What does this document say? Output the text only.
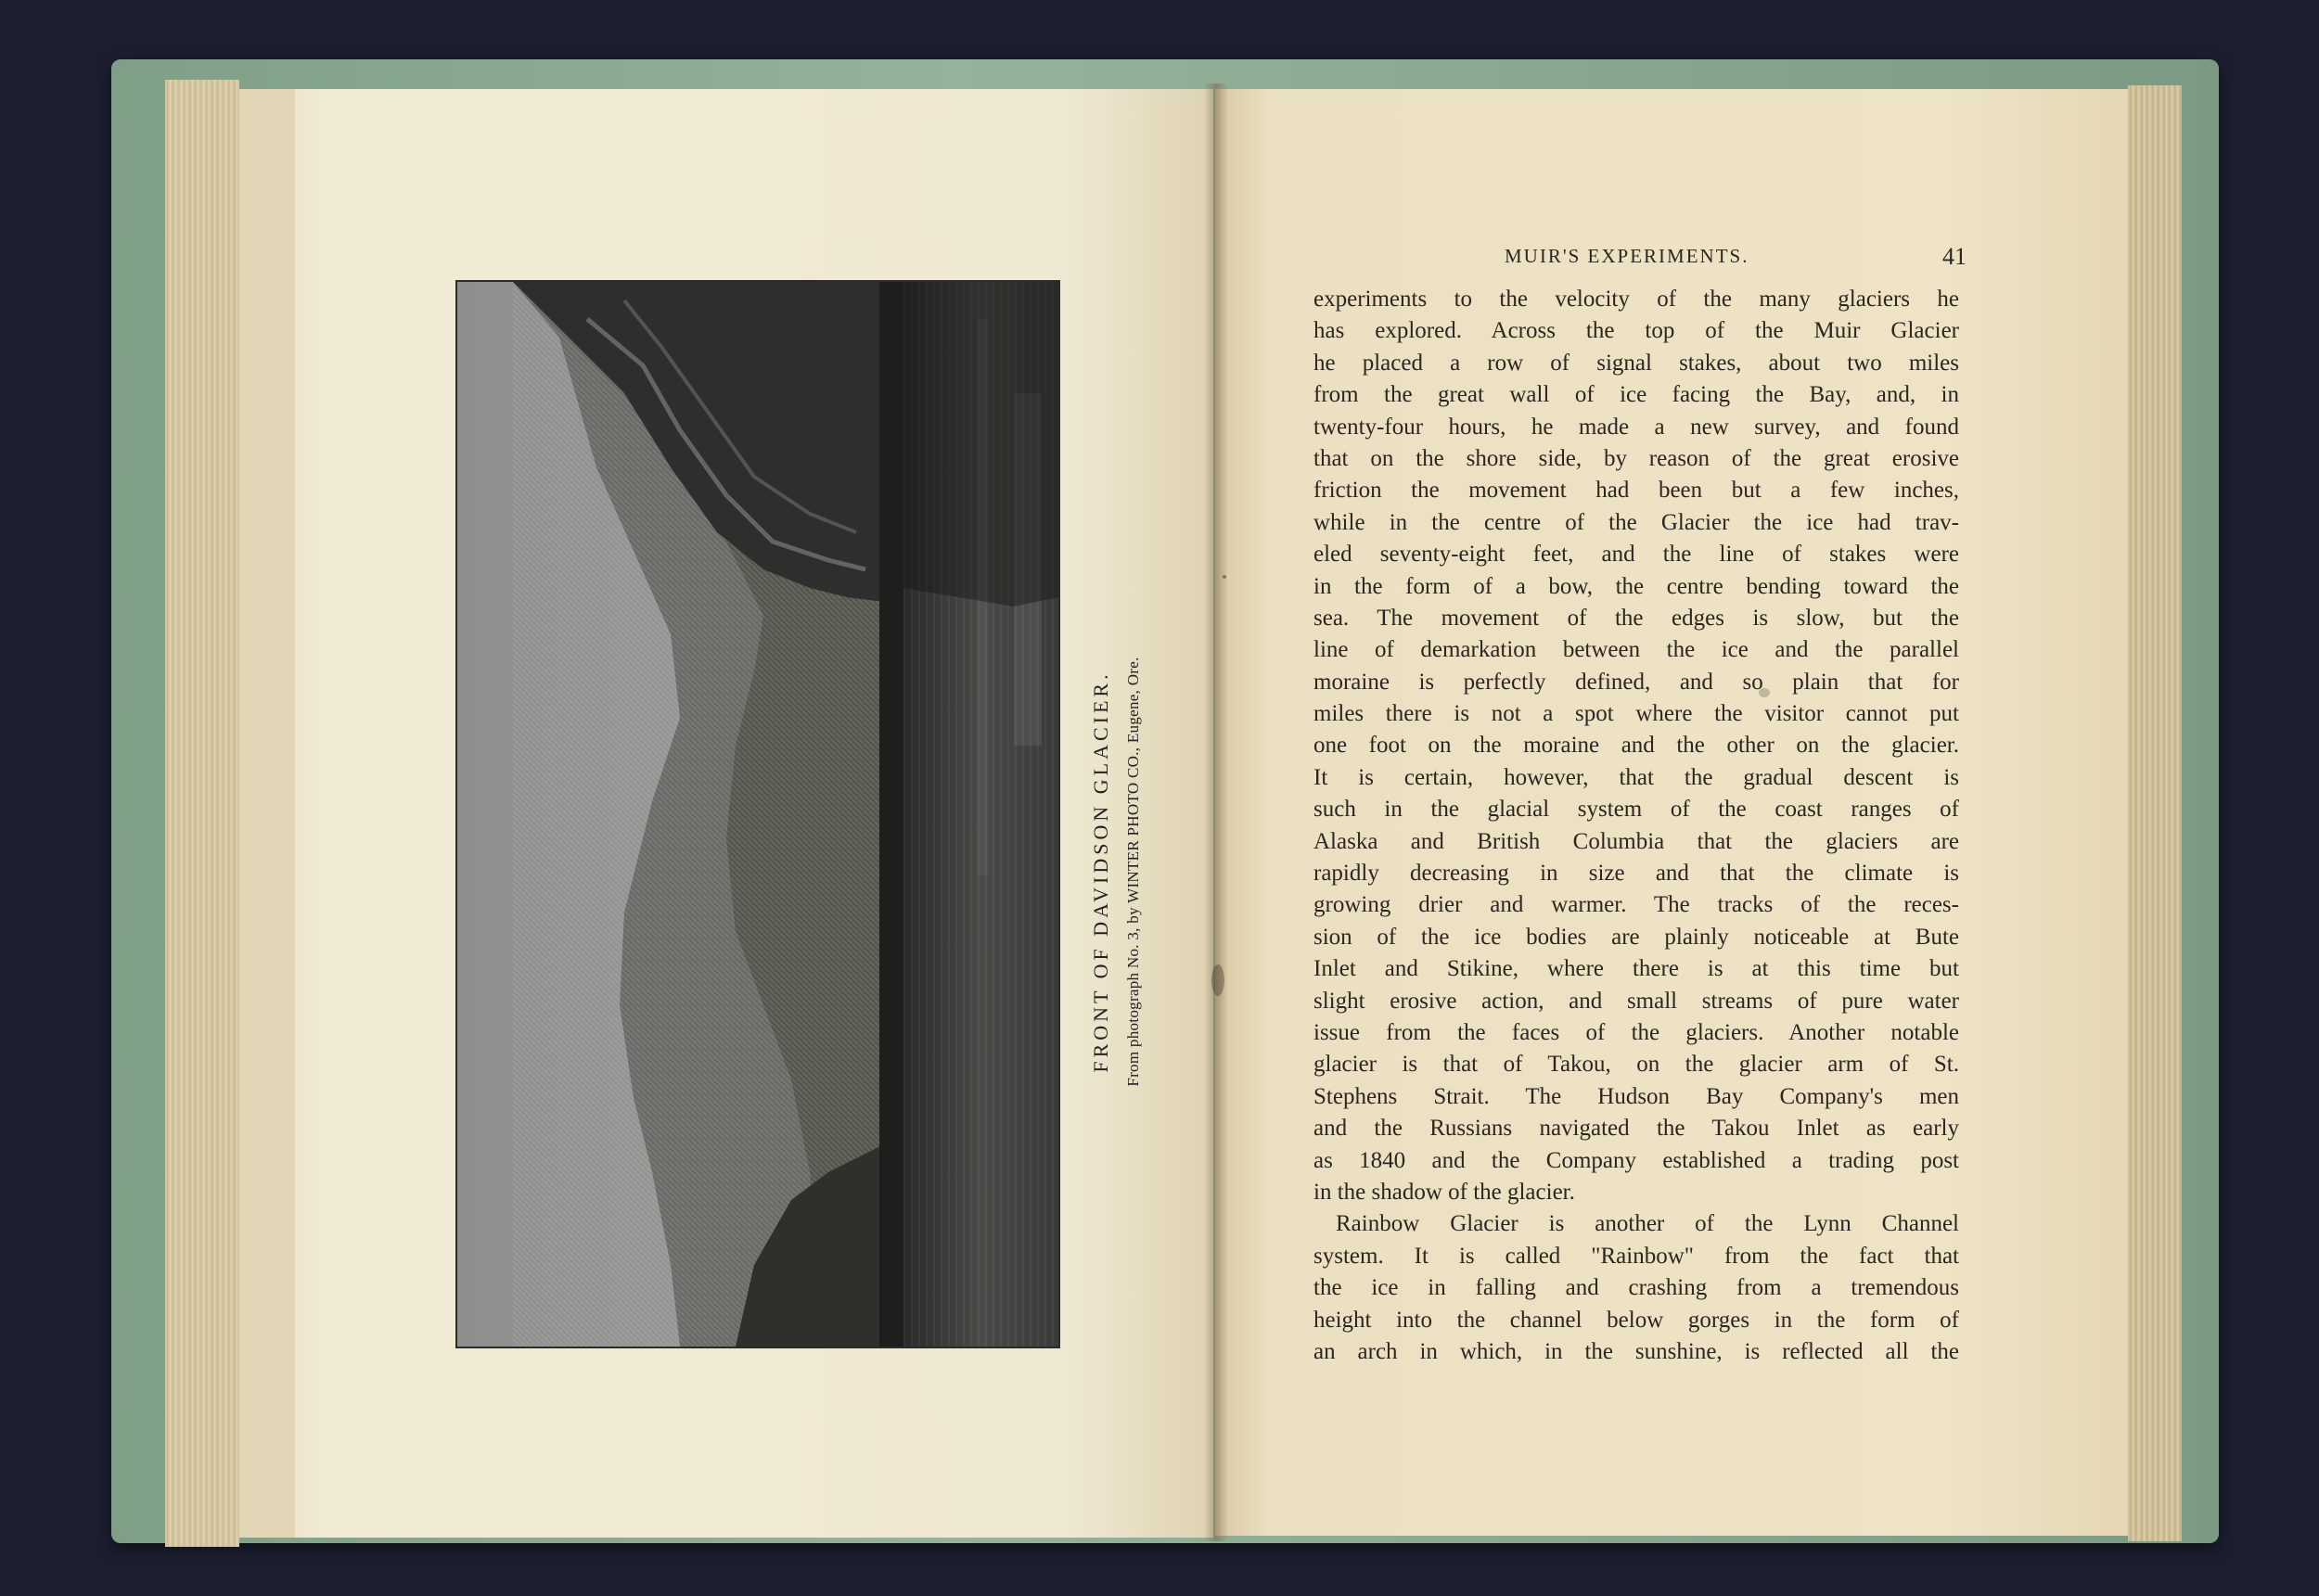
FRONT OF DAVIDSON GLACIER. From photograph No. 3, by WINTER PHOTO CO., Eugene, Ore.
MUIR'S EXPERIMENTS.	41
experiments to the velocity of the many glaciers he
has explored. Across the top of the Muir Glacier
he placed a row of signal stakes, about two miles
from the great wall of ice facing the Bay, and, in
twenty-four hours, he made a new survey, and found
that on the shore side, by reason of the great erosive
friction the movement had been but a few inches,
while in the centre of the Glacier the ice had trav-
eled seventy-eight feet, and the line of stakes were
in the form of a bow, the centre bending toward the
sea. The movement of the edges is slow, but the
line of demarkation between the ice and the parallel
moraine is perfectly defined, and so plain that for
miles there is not a spot where the visitor cannot put
one foot on the moraine and the other on the glacier.
It is certain, however, that the gradual descent is
such in the glacial system of the coast ranges of
Alaska and British Columbia that the glaciers are
rapidly decreasing in size and that the climate is
growing drier and warmer. The tracks of the reces-
sion of the ice bodies are plainly noticeable at Bute
Inlet and Stikine, where there is at this time but
slight erosive action, and small streams of pure water
issue from the faces of the glaciers. Another notable
glacier is that of Takou, on the glacier arm of St.
Stephens Strait. The Hudson Bay Company's men
and the Russians navigated the Takou Inlet as early
as 1840 and the Company established a trading post
in the shadow of the glacier.
Rainbow Glacier is another of the Lynn Channel
system. It is called "Rainbow" from the fact that
the ice in falling and crashing from a tremendous
height into the channel below gorges in the form of
an arch in which, in the sunshine, is reflected all the
